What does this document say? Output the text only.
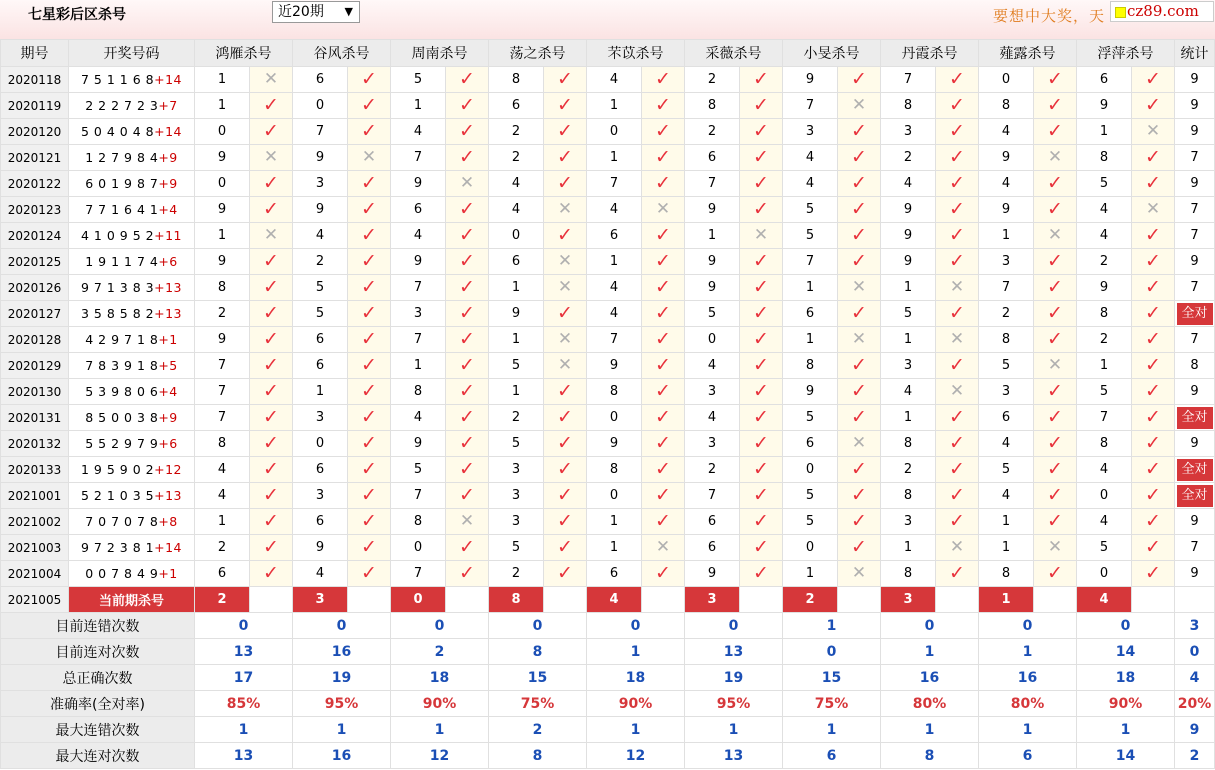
七星彩后区杀号	近20期 ▼	要想中大奖，天	cz89.com
期号	开奖号码	鸿雁杀号		谷风杀号		周南杀号		荡之杀号		芣苡杀号		采薇杀号		小旻杀号		丹霞杀号		薤露杀号		浮萍杀号		统计
2020118	7 5 1 1 6 8+14	1	✕	6	✓	5	✓	8	✓	4	✓	2	✓	9	✓	7	✓	0	✓	6	✓	9
2020119	2 2 2 7 2 3+7	1	✓	0	✓	1	✓	6	✓	1	✓	8	✓	7	✕	8	✓	8	✓	9	✓	9
2020120	5 0 4 0 4 8+14	0	✓	7	✓	4	✓	2	✓	0	✓	2	✓	3	✓	3	✓	4	✓	1	✕	9
2020121	1 2 7 9 8 4+9	9	✕	9	✕	7	✓	2	✓	1	✓	6	✓	4	✓	2	✓	9	✕	8	✓	7
2020122	6 0 1 9 8 7+9	0	✓	3	✓	9	✕	4	✓	7	✓	7	✓	4	✓	4	✓	4	✓	5	✓	9
2020123	7 7 1 6 4 1+4	9	✓	9	✓	6	✓	4	✕	4	✕	9	✓	5	✓	9	✓	9	✓	4	✕	7
2020124	4 1 0 9 5 2+11	1	✕	4	✓	4	✓	0	✓	6	✓	1	✕	5	✓	9	✓	1	✕	4	✓	7
2020125	1 9 1 1 7 4+6	9	✓	2	✓	9	✓	6	✕	1	✓	9	✓	7	✓	9	✓	3	✓	2	✓	9
2020126	9 7 1 3 8 3+13	8	✓	5	✓	7	✓	1	✕	4	✓	9	✓	1	✕	1	✕	7	✓	9	✓	7
2020127	3 5 8 5 8 2+13	2	✓	5	✓	3	✓	9	✓	4	✓	5	✓	6	✓	5	✓	2	✓	8	✓	全对
2020128	4 2 9 7 1 8+1	9	✓	6	✓	7	✓	1	✕	7	✓	0	✓	1	✕	1	✕	8	✓	2	✓	7
2020129	7 8 3 9 1 8+5	7	✓	6	✓	1	✓	5	✕	9	✓	4	✓	8	✓	3	✓	5	✕	1	✓	8
2020130	5 3 9 8 0 6+4	7	✓	1	✓	8	✓	1	✓	8	✓	3	✓	9	✓	4	✕	3	✓	5	✓	9
2020131	8 5 0 0 3 8+9	7	✓	3	✓	4	✓	2	✓	0	✓	4	✓	5	✓	1	✓	6	✓	7	✓	全对
2020132	5 5 2 9 7 9+6	8	✓	0	✓	9	✓	5	✓	9	✓	3	✓	6	✕	8	✓	4	✓	8	✓	9
2020133	1 9 5 9 0 2+12	4	✓	6	✓	5	✓	3	✓	8	✓	2	✓	0	✓	2	✓	5	✓	4	✓	全对
2021001	5 2 1 0 3 5+13	4	✓	3	✓	7	✓	3	✓	0	✓	7	✓	5	✓	8	✓	4	✓	0	✓	全对
2021002	7 0 7 0 7 8+8	1	✓	6	✓	8	✕	3	✓	1	✓	6	✓	5	✓	3	✓	1	✓	4	✓	9
2021003	9 7 2 3 8 1+14	2	✓	9	✓	0	✓	5	✓	1	✕	6	✓	0	✓	1	✕	1	✕	5	✓	7
2021004	0 0 7 8 4 9+1	6	✓	4	✓	7	✓	2	✓	6	✓	9	✓	1	✕	8	✓	8	✓	0	✓	9
2021005	当前期杀号	2		3		0		8		4		3		2		3		1		4		
目前连错次数		0		0		0		0		0		0		1		0		0		0		3
目前连对次数		13		16		2		8		1		13		0		1		1		14		0
总正确次数		17		19		18		15		18		19		15		16		16		18		4
准确率(全对率)		85%		95%		90%		75%		90%		95%		75%		80%		80%		90%		20%
最大连错次数		1		1		1		2		1		1		1		1		1		1		9
最大连对次数		13		16		12		8		12		13		6		8		6		14		2
